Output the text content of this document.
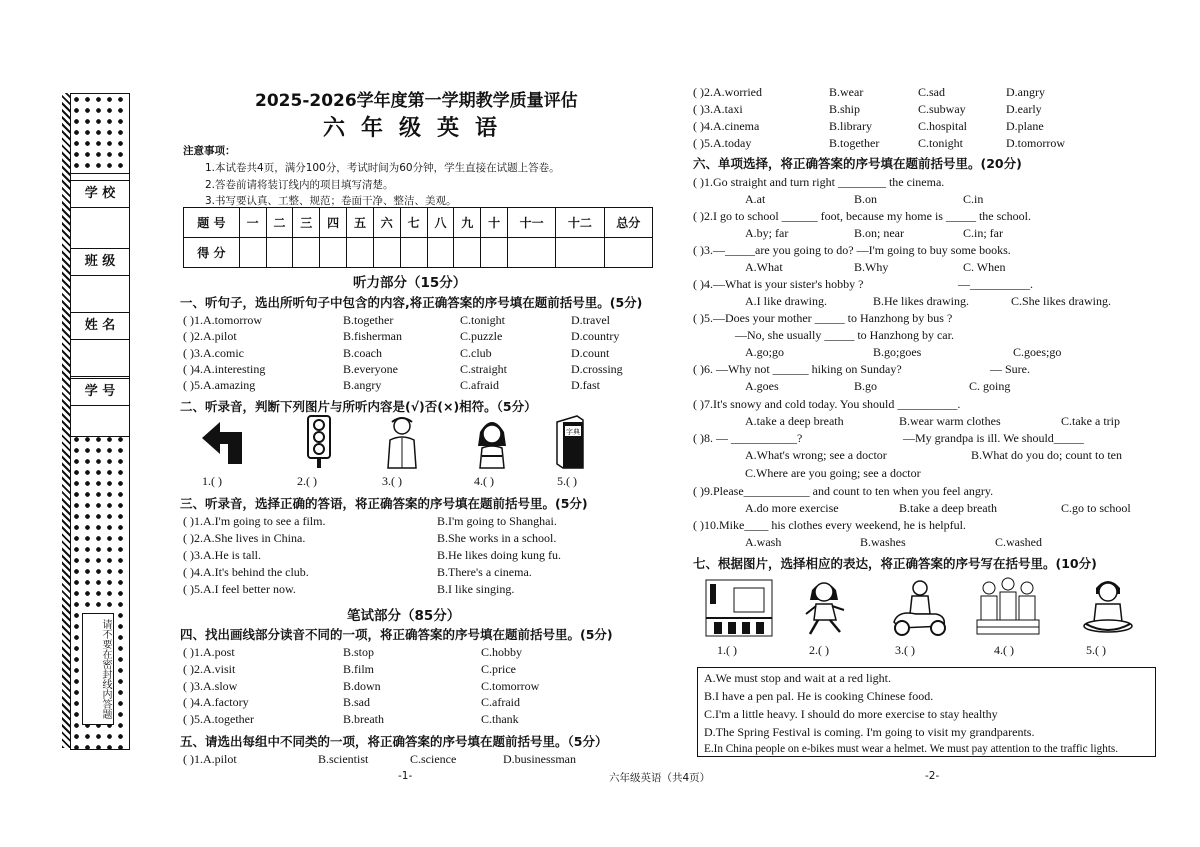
请不要在密封线内答题
学 校
班 级
姓 名
学 号
2025-2026学年度第一学期教学质量评估
六年级英语
注意事项：
1.本试卷共4页，满分100分，考试时间为60分钟，学生直接在试题上答卷。
2.答卷前请将装订线内的项目填写清楚。
3.书写要认真、工整、规范；卷面干净、整洁、美观。
题 号	一	二	三	四	五	六	七	八	九	十	十一	十二	总分
得 分													
听力部分（15分）
一、听句子，选出所听句子中包含的内容,将正确答案的序号填在题前括号里。(5分)
( )1.A.tomorrow	B.together	C.tonight	D.travel
( )2.A.pilot	B.fisherman	C.puzzle	D.country
( )3.A.comic	B.coach	C.club	D.count
( )4.A.interesting	B.everyone	C.straight	D.crossing
( )5.A.amazing	B.angry	C.afraid	D.fast
二、听录音，判断下列图片与所听内容是(√)否(×)相符。（5分）
字典
1.( )	2.( )	3.( )	4.( )	5.( )
三、听录音，选择正确的答语，将正确答案的序号填在题前括号里。(5分)
( )1.A.I'm going to see a film.	B.I'm going to Shanghai.
( )2.A.She lives in China.	B.She works in a school.
( )3.A.He is tall.	B.He likes doing kung fu.
( )4.A.It's behind the club.	B.There's a cinema.
( )5.A.I feel better now.	B.I like singing.
笔试部分（85分）
四、找出画线部分读音不同的一项，将正确答案的序号填在题前括号里。(5分)
( )1.A.post	B.stop	C.hobby
( )2.A.visit	B.film	C.price
( )3.A.slow	B.down	C.tomorrow
( )4.A.factory	B.sad	C.afraid
( )5.A.together	B.breath	C.thank
五、请选出每组中不同类的一项，将正确答案的序号填在题前括号里。（5分）
( )1.A.pilot	B.scientist	C.science	D.businessman
( )2.A.worried	B.wear	C.sad	D.angry
( )3.A.taxi	B.ship	C.subway	D.early
( )4.A.cinema	B.library	C.hospital	D.plane
( )5.A.today	B.together	C.tonight	D.tomorrow
六、单项选择，将正确答案的序号填在题前括号里。(20分)
( )1.Go straight and turn right ________ the cinema.
A.at	B.on	C.in
( )2.I go to school ______ foot, because my home is _____ the school.
A.by; far	B.on; near	C.in; far
( )3.—_____are you going to do? —I'm going to buy some books.
A.What	B.Why	C. When
( )4.—What is your sister's hobby ?	—__________.
A.I like drawing.	B.He likes drawing.	C.She likes drawing.
( )5.—Does your mother _____ to Hanzhong by bus ?
—No, she usually _____ to Hanzhong by car.
A.go;go	B.go;goes	C.goes;go
( )6. —Why not ______ hiking on Sunday?	— Sure.
A.goes	B.go	C. going
( )7.It's snowy and cold today. You should __________.
A.take a deep breath	B.wear warm clothes	C.take a trip
( )8. — ___________?	—My grandpa is ill. We should_____
A.What's wrong; see a doctor	B.What do you do; count to ten
C.Where are you going; see a doctor
( )9.Please___________ and count to ten when you feel angry.
A.do more exercise	B.take a deep breath	C.go to school
( )10.Mike____ his clothes every weekend, he is helpful.
A.wash	B.washes	C.washed
七、根据图片，选择相应的表达，将正确答案的序号写在括号里。(10分)
1.( )	2.( )	3.( )	4.( )	5.( )
A.We must stop and wait at a red light.
B.I have a pen pal. He is cooking Chinese food.
C.I'm a little heavy. I should do more exercise to stay healthy
D.The Spring Festival is coming. I'm going to visit my grandparents.
E.In China people on e-bikes must wear a helmet. We must pay attention to the traffic lights.
-1-	六年级英语（共4页）	-2-
